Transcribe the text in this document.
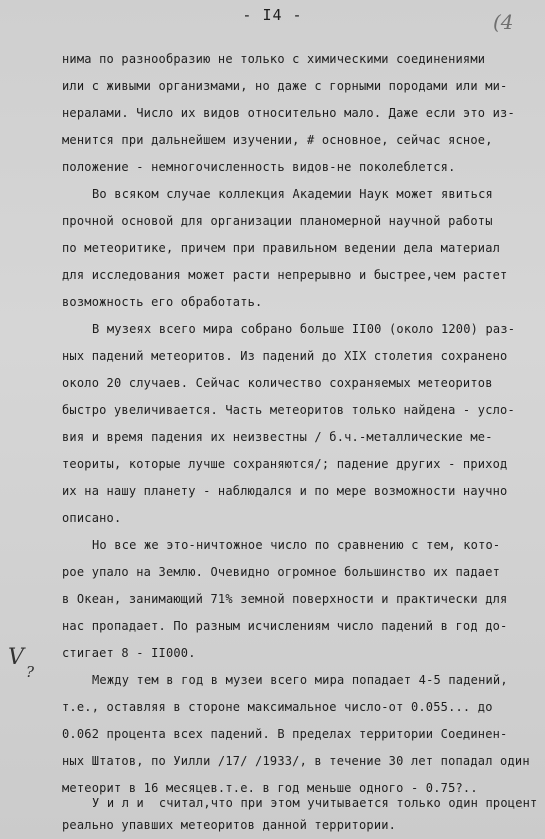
- I4 -	(4
V
?
нима по разнообразию не только с химическими соединениями
или с живыми организмами, но даже с горными породами или ми-
нералами. Число их видов относительно мало. Даже если это из-
менится при дальнейшем изучении, # основное, сейчас ясное,
положение - немногочисленность видов-не поколеблется.
Во всяком случае коллекция Академии Наук может явиться
прочной основой для организации планомерной научной работы
по метеоритике, причем при правильном ведении дела материал
для исследования может расти непрерывно и быстрее,чем растет
возможность его обработать.
В музеях всего мира собрано больше II00 (около 1200) раз-
ных падений метеоритов. Из падений до XIX столетия сохранено
около 20 случаев. Сейчас количество сохраняемых метеоритов
быстро увеличивается. Часть метеоритов только найдена - усло-
вия и время падения их неизвестны / б.ч.-металлические ме-
теориты, которые лучше сохраняются/; падение других - приход
их на нашу планету - наблюдался и по мере возможности научно
описано.
Но все же это-ничтожное число по сравнению с тем, кото-
рое упало на Землю. Очевидно огромное большинство их падает
в Океан, занимающий 71% земной поверхности и практически для
нас пропадает. По разным исчислениям число падений в год до-
стигает 8 - II000.
Между тем в год в музеи всего мира попадает 4-5 падений,
т.е., оставляя в стороне максимальное число-от 0.055... до
0.062 процента всех падений. В пределах территории Соединен-
ных Штатов, по Уилли /17/ /1933/, в течение 30 лет попадал один
метеорит в 16 месяцев.т.е. в год меньше одного - 0.75?..
У и л и  считал,что при этом учитывается только один процент
реально упавших метеоритов данной территории.
